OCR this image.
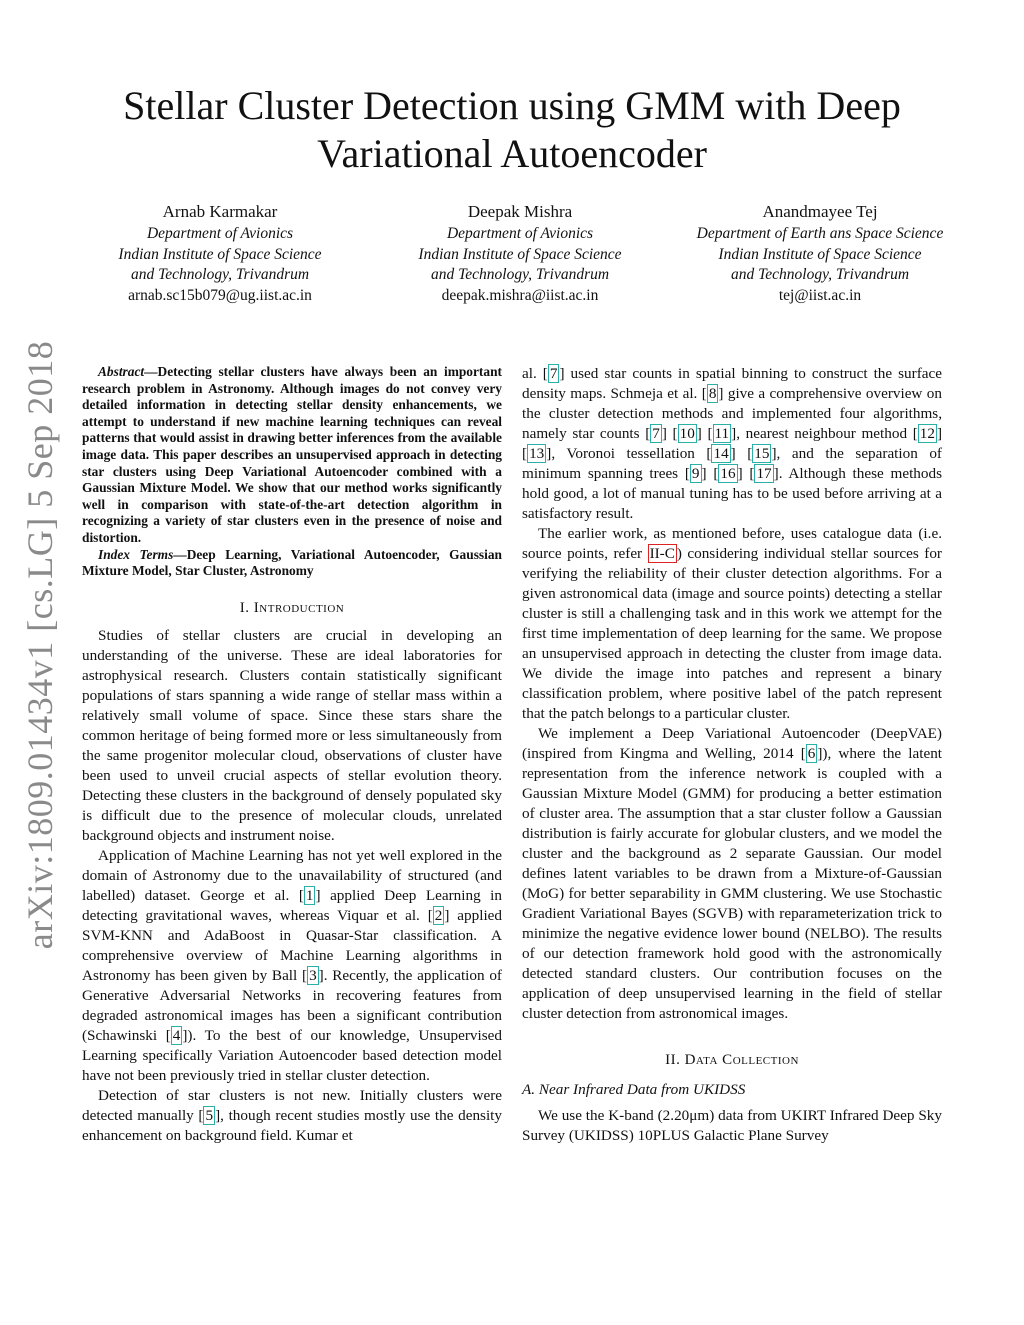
arXiv:1809.01434v1 [cs.LG] 5 Sep 2018
Stellar Cluster Detection using GMM with Deep
Variational Autoencoder
Arnab Karmakar
Department of Avionics
Indian Institute of Space Science
and Technology, Trivandrum
arnab.sc15b079@ug.iist.ac.in
Deepak Mishra
Department of Avionics
Indian Institute of Space Science
and Technology, Trivandrum
deepak.mishra@iist.ac.in
Anandmayee Tej
Department of Earth ans Space Science
Indian Institute of Space Science
and Technology, Trivandrum
tej@iist.ac.in

Abstract—Detecting stellar clusters have always been an important research problem in Astronomy. Although images do not convey very detailed information in detecting stellar density enhancements, we attempt to understand if new machine learning techniques can reveal patterns that would assist in drawing better inferences from the available image data. This paper describes an unsupervised approach in detecting star clusters using Deep Variational Autoencoder combined with a Gaussian Mixture Model. We show that our method works significantly well in comparison with state-of-the-art detection algorithm in recognizing a variety of star clusters even in the presence of noise and distortion.

Index Terms—Deep Learning, Variational Autoencoder, Gaussian Mixture Model, Star Cluster, Astronomy

I. Introduction

Studies of stellar clusters are crucial in developing an understanding of the universe. These are ideal laboratories for astrophysical research. Clusters contain statistically significant populations of stars spanning a wide range of stellar mass within a relatively small volume of space. Since these stars share the common heritage of being formed more or less simultaneously from the same progenitor molecular cloud, observations of cluster have been used to unveil crucial aspects of stellar evolution theory. Detecting these clusters in the background of densely populated sky is difficult due to the presence of molecular clouds, unrelated background objects and instrument noise.

Application of Machine Learning has not yet well explored in the domain of Astronomy due to the unavailability of structured (and labelled) dataset. George et al. [ 1 ] applied Deep Learning in detecting gravitational waves, whereas Viquar et al. [ 2 ] applied SVM-KNN and AdaBoost in Quasar-Star classification. A comprehensive overview of Machine Learning algorithms in Astronomy has been given by Ball [ 3 ]. Recently, the application of Generative Adversarial Networks in recovering features from degraded astronomical images has been a significant contribution (Schawinski [ 4 ]). To the best of our knowledge, Unsupervised Learning specifically Variation Autoencoder based detection model have not been previously tried in stellar cluster detection.

Detection of star clusters is not new. Initially clusters were detected manually [ 5 ], though recent studies mostly use the density enhancement on background field. Kumar et

al. [ 7 ] used star counts in spatial binning to construct the surface density maps. Schmeja et al. [ 8 ] give a comprehensive overview on the cluster detection methods and implemented four algorithms, namely star counts [ 7 ] [ 10 ] [ 11 ], nearest neighbour method [ 12 ] [ 13 ], Voronoi tessellation [ 14 ] [ 15 ], and the separation of minimum spanning trees [ 9 ] [ 16 ] [ 17 ]. Although these methods hold good, a lot of manual tuning has to be used before arriving at a satisfactory result.

The earlier work, as mentioned before, uses catalogue data (i.e. source points, refer II-C ) considering individual stellar sources for verifying the reliability of their cluster detection algorithms. For a given astronomical data (image and source points) detecting a stellar cluster is still a challenging task and in this work we attempt for the first time implementation of deep learning for the same. We propose an unsupervised approach in detecting the cluster from image data. We divide the image into patches and represent a binary classification problem, where positive label of the patch represent that the patch belongs to a particular cluster.

We implement a Deep Variational Autoencoder (DeepVAE) (inspired from Kingma and Welling, 2014 [ 6 ]), where the latent representation from the inference network is coupled with a Gaussian Mixture Model (GMM) for producing a better estimation of cluster area. The assumption that a star cluster follow a Gaussian distribution is fairly accurate for globular clusters, and we model the cluster and the background as 2 separate Gaussian. Our model defines latent variables to be drawn from a Mixture-of-Gaussian (MoG) for better separability in GMM clustering. We use Stochastic Gradient Variational Bayes (SGVB) with reparameterization trick to minimize the negative evidence lower bound (NELBO). The results of our detection framework hold good with the astronomically detected standard clusters. Our contribution focuses on the application of deep unsupervised learning in the field of stellar cluster detection from astronomical images.

II. Data Collection
A. Near Infrared Data from UKIDSS

We use the K-band (2.20μm) data from UKIRT Infrared Deep Sky Survey (UKIDSS) 10PLUS Galactic Plane Survey
